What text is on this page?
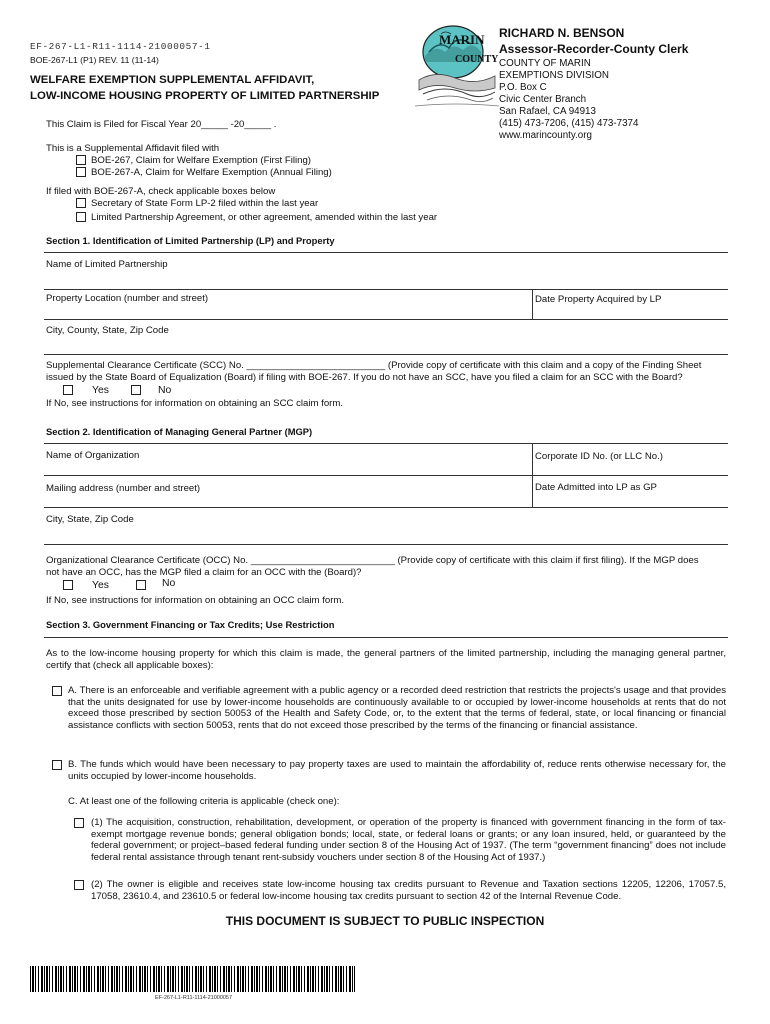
EF-267-L1-R11-1114-21000057-1
BOE-267-L1 (P1) REV. 11 (11-14)
WELFARE EXEMPTION SUPPLEMENTAL AFFIDAVIT,
LOW-INCOME HOUSING PROPERTY OF LIMITED PARTNERSHIP
This Claim is Filed for Fiscal Year 20_____ -20_____ .
MARIN
COUNTY
RICHARD N. BENSON
Assessor-Recorder-County Clerk
COUNTY OF MARIN
EXEMPTIONS DIVISION
P.O. Box C
Civic Center Branch
San Rafael, CA 94913
(415) 473-7206, (415) 473-7374
www.marincounty.org
This is a Supplemental Affidavit filed with
BOE-267, Claim for Welfare Exemption (First Filing)
BOE-267-A, Claim for Welfare Exemption (Annual Filing)
If filed with BOE-267-A, check applicable boxes below
Secretary of State Form LP-2 filed within the last year
Limited Partnership Agreement, or other agreement, amended within the last year
Section 1. Identification of Limited Partnership (LP) and Property
Name of Limited Partnership
Property Location (number and street)	Date Property Acquired by LP
City, County, State, Zip Code
Supplemental Clearance Certificate (SCC) No. __________________________ (Provide copy of certificate with this claim and a copy of the Finding Sheet
issued by the State Board of Equalization (Board) if filing with BOE-267. If you do not have an SCC, have you filed a claim for an SCC with the Board?
Yes	No
If No, see instructions for information on obtaining an SCC claim form.
Section 2. Identification of Managing General Partner (MGP)
Name of Organization	Corporate ID No. (or LLC No.)
Mailing address (number and street)	Date Admitted into LP as GP
City, State, Zip Code
Organizational Clearance Certificate (OCC) No. ___________________________ (Provide copy of certificate with this claim if first filing). If the MGP does
not have an OCC, has the MGP filed a claim for an OCC with the (Board)?
Yes	No
If No, see instructions for information on obtaining an OCC claim form.
Section 3. Government Financing or Tax Credits; Use Restriction
As to the low-income housing property for which this claim is made, the general partners of the limited partnership, including the managing general partner, certify that (check all applicable boxes):
A. There is an enforceable and verifiable agreement with a public agency or a recorded deed restriction that restricts the projects's usage and that provides that the units designated for use by lower-income households are continuously available to or occupied by lower-income households at rents that do not exceed those prescribed by section 50053 of the Health and Safety Code, or, to the extent that the terms of federal, state, or local financing or financial assistance conflicts with section 50053, rents that do not exceed those prescribed by the terms of the financing or financial assistance.
B. The funds which would have been necessary to pay property taxes are used to maintain the affordability of, reduce rents otherwise necessary for, the units occupied by lower-income households.
C. At least one of the following criteria is applicable (check one):
(1) The acquisition, construction, rehabilitation, development, or operation of the property is financed with government financing in the form of tax-exempt mortgage revenue bonds; general obligation bonds; local, state, or federal loans or grants; or any loan insured, held, or guaranteed by the federal government; or project–based federal funding under section 8 of the Housing Act of 1937. (The term “government financing” does not include federal rental assistance through tenant rent-subsidy vouchers under section 8 of the Housing Act of 1937.)
(2) The owner is eligible and receives state low-income housing tax credits pursuant to Revenue and Taxation sections 12205, 12206, 17057.5, 17058, 23610.4, and 23610.5 or federal low-income housing tax credits pursuant to section 42 of the Internal Revenue Code.
THIS DOCUMENT IS SUBJECT TO PUBLIC INSPECTION
EF-267-L1-R11-1114-21000057
